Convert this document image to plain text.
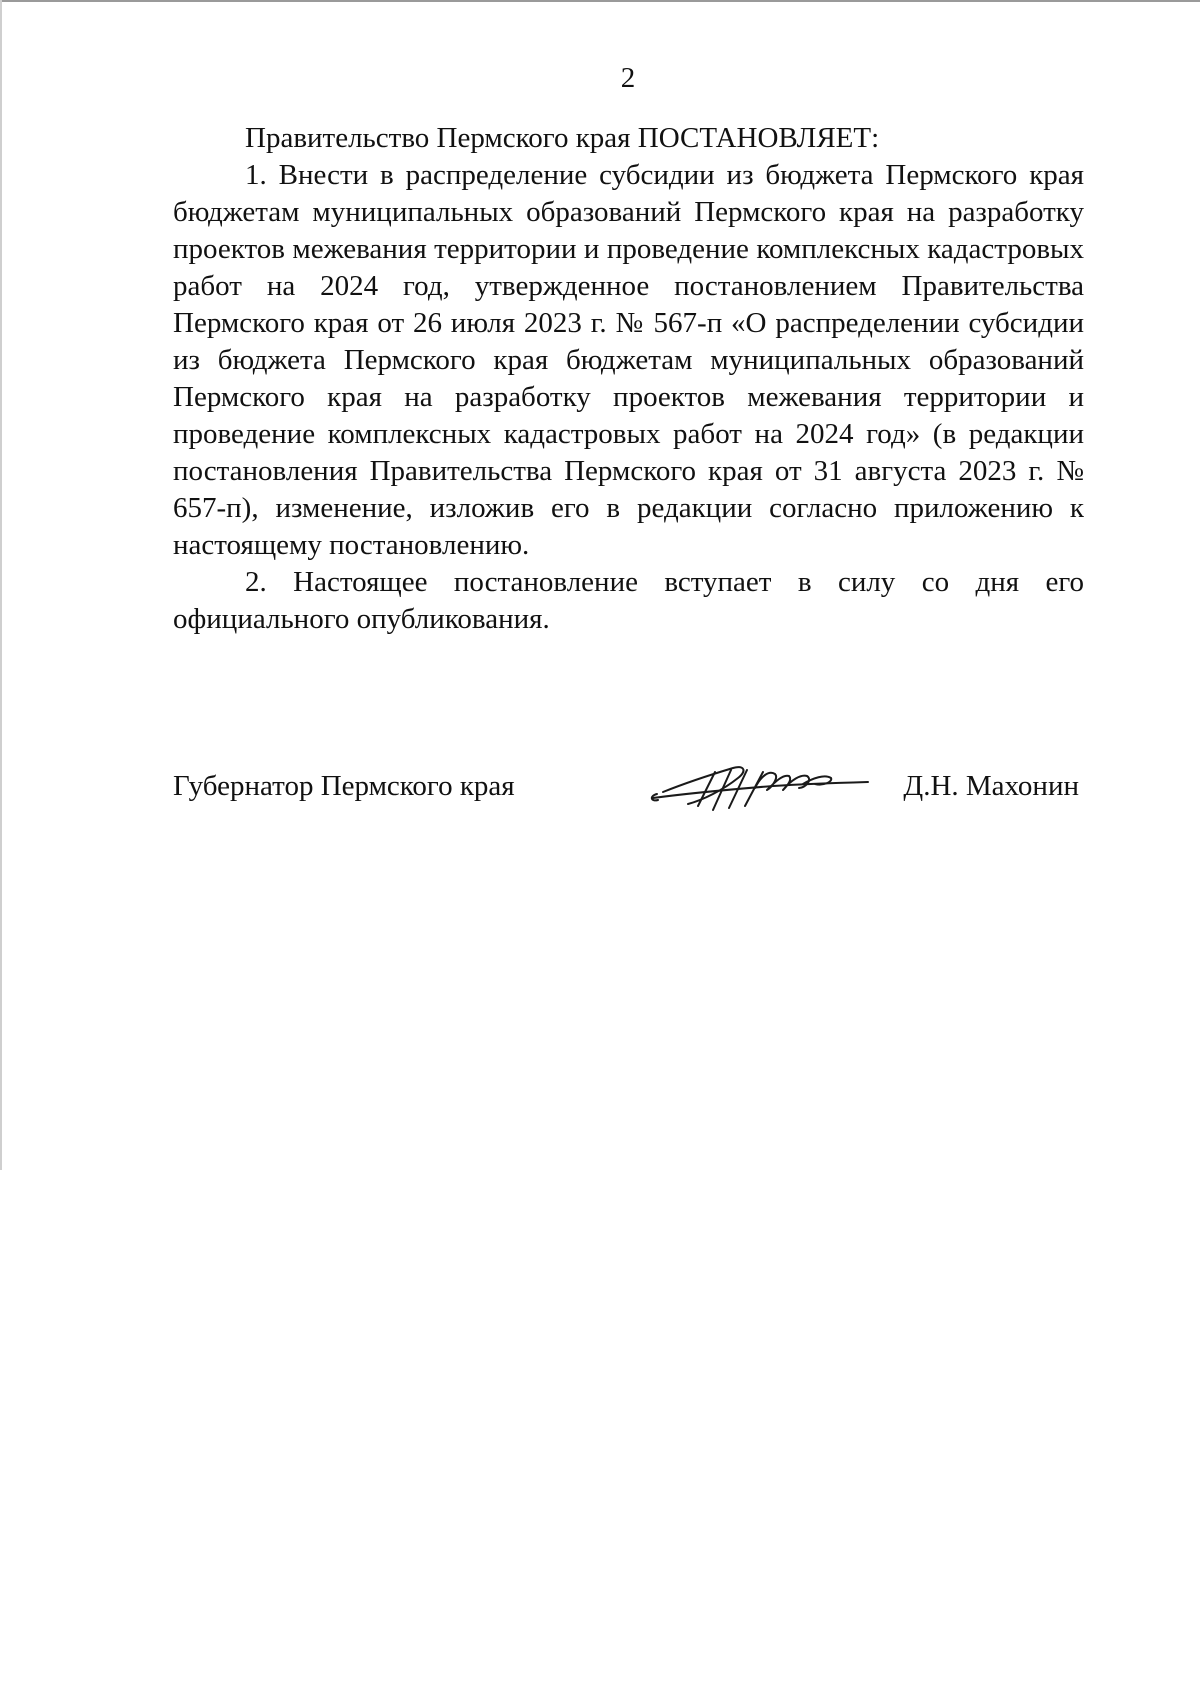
2

Правительство Пермского края ПОСТАНОВЛЯЕТ:

1. Внести в распределение субсидии из бюджета Пермского края бюджетам муниципальных образований Пермского края на разработку проектов межевания территории и проведение комплексных кадастровых работ на 2024 год, утвержденное постановлением Правительства Пермского края от 26 июля 2023 г. № 567-п «О распределении субсидии из бюджета Пермского края бюджетам муниципальных образований Пермского края на разработку проектов межевания территории и проведение комплексных кадастровых работ на 2024 год» (в редакции постановления Правительства Пермского края от 31 августа 2023 г. № 657-п), изменение, изложив его в редакции согласно приложению к настоящему постановлению.

2. Настоящее постановление вступает в силу со дня его официального опубликования.

Губернатор Пермского края	Д.Н. Махонин
